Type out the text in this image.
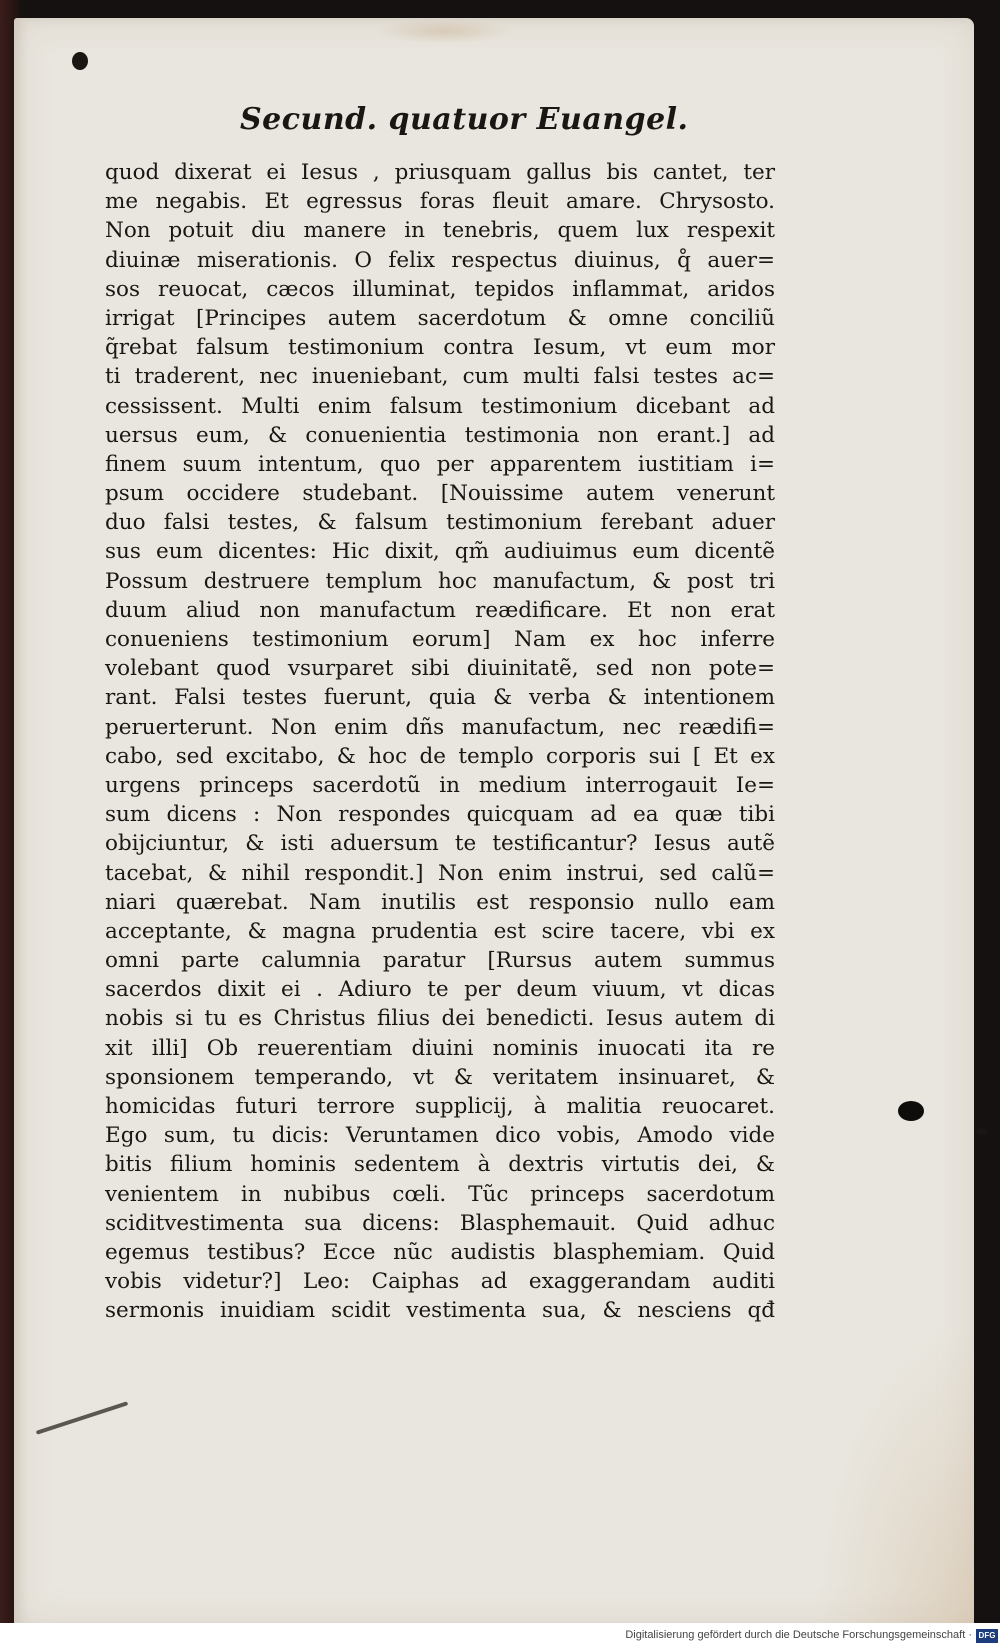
Secund. quatuor Euangel.
quod dixerat ei Iesus , priusquam gallus bis cantet, ter
me negabis. Et egressus foras fleuit amare. Chrysosto.
Non potuit diu manere in tenebris, quem lux respexit
diuinæ miserationis. O felix respectus diuinus, q̊ auer=
sos reuocat, cæcos illuminat, tepidos inflammat, aridos
irrigat [Principes autem sacerdotum & omne conciliũ
q̃rebat falsum testimonium contra Iesum, vt eum mor
ti traderent, nec inueniebant, cum multi falsi testes ac=
cessissent. Multi enim falsum testimonium dicebant ad
uersus eum, & conuenientia testimonia non erant.] ad
finem suum intentum, quo per apparentem iustitiam i=
psum occidere studebant. [Nouissime autem venerunt
duo falsi testes, & falsum testimonium ferebant aduer
sus eum dicentes: Hic dixit, qm̃ audiuimus eum dicentẽ
Possum destruere templum hoc manufactum, & post tri
duum aliud non manufactum reædificare. Et non erat
conueniens testimonium eorum] Nam ex hoc inferre
volebant quod vsurparet sibi diuinitatẽ, sed non pote=
rant. Falsi testes fuerunt, quia & verba & intentionem
peruerterunt. Non enim dñs manufactum, nec reædifi=
cabo, sed excitabo, & hoc de templo corporis sui [ Et ex
urgens princeps sacerdotũ in medium interrogauit Ie=
sum dicens : Non respondes quicquam ad ea quæ tibi
obijciuntur, & isti aduersum te testificantur? Iesus autẽ
tacebat, & nihil respondit.] Non enim instrui, sed calũ=
niari quærebat. Nam inutilis est responsio nullo eam
acceptante, & magna prudentia est scire tacere, vbi ex
omni parte calumnia paratur [Rursus autem summus
sacerdos dixit ei . Adiuro te per deum viuum, vt dicas
nobis si tu es Christus filius dei benedicti. Iesus autem di
xit illi] Ob reuerentiam diuini nominis inuocati ita re
sponsionem temperando, vt & veritatem insinuaret, &
homicidas futuri terrore supplicij, à malitia reuocaret.
Ego sum, tu dicis: Veruntamen dico vobis, Amodo vide
bitis filium hominis sedentem à dextris virtutis dei, &
venientem in nubibus cœli. Tũc princeps sacerdotum
sciditvestimenta sua dicens: Blasphemauit. Quid adhuc
egemus testibus? Ecce nũc audistis blasphemiam. Quid
vobis videtur?] Leo: Caiphas ad exaggerandam auditi
sermonis inuidiam scidit vestimenta sua, & nesciens qđ
Digitalisierung gefördert durch die Deutsche Forschungsgemeinschaft · DFG
